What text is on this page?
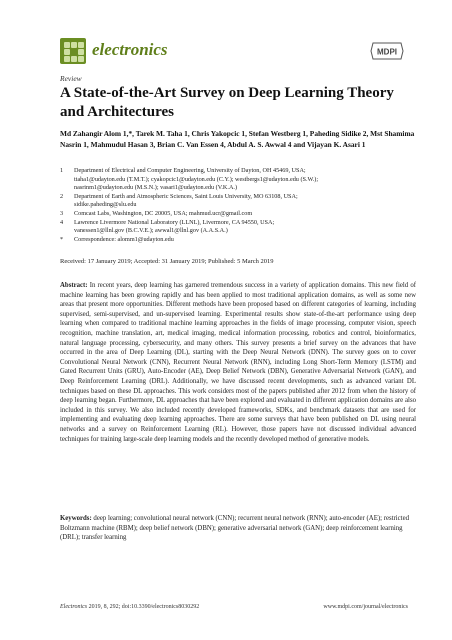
electronics	MDPI
Review
A State-of-the-Art Survey on Deep Learning Theory and Architectures
Md Zahangir Alom 1,*, Tarek M. Taha 1, Chris Yakopcic 1, Stefan Westberg 1, Paheding Sidike 2, Mst Shamima Nasrin 1, Mahmudul Hasan 3, Brian C. Van Essen 4, Abdul A. S. Awwal 4 and Vijayan K. Asari 1
1	Department of Electrical and Computer Engineering, University of Dayton, OH 45469, USA;
ttaha1@udayton.edu (T.M.T.); cyakopcic1@udayton.edu (C.Y.); westbergs1@udayton.edu (S.W.);
nasrinm1@udayton.edu (M.S.N.); vasari1@udayton.edu (V.K.A.)
2	Department of Earth and Atmospheric Sciences, Saint Louis University, MO 63108, USA;
sidike.paheding@slu.edu
3	Comcast Labs, Washington, DC 20005, USA; mahmud.ucr@gmail.com
4	Lawrence Livermore National Laboratory (LLNL), Livermore, CA 94550, USA;
vanessen1@llnl.gov (B.C.V.E.); awwal1@llnl.gov (A.A.S.A.)
*	Correspondence: alomm1@udayton.edu
Received: 17 January 2019; Accepted: 31 January 2019; Published: 5 March 2019
Abstract: In recent years, deep learning has garnered tremendous success in a variety of application domains. This new field of machine learning has been growing rapidly and has been applied to most traditional application domains, as well as some new areas that present more opportunities. Different methods have been proposed based on different categories of learning, including supervised, semi-supervised, and un-supervised learning. Experimental results show state-of-the-art performance using deep learning when compared to traditional machine learning approaches in the fields of image processing, computer vision, speech recognition, machine translation, art, medical imaging, medical information processing, robotics and control, bioinformatics, natural language processing, cybersecurity, and many others. This survey presents a brief survey on the advances that have occurred in the area of Deep Learning (DL), starting with the Deep Neural Network (DNN). The survey goes on to cover Convolutional Neural Network (CNN), Recurrent Neural Network (RNN), including Long Short-Term Memory (LSTM) and Gated Recurrent Units (GRU), Auto-Encoder (AE), Deep Belief Network (DBN), Generative Adversarial Network (GAN), and Deep Reinforcement Learning (DRL). Additionally, we have discussed recent developments, such as advanced variant DL techniques based on these DL approaches. This work considers most of the papers published after 2012 from when the history of deep learning began. Furthermore, DL approaches that have been explored and evaluated in different application domains are also included in this survey. We also included recently developed frameworks, SDKs, and benchmark datasets that are used for implementing and evaluating deep learning approaches. There are some surveys that have been published on DL using neural networks and a survey on Reinforcement Learning (RL). However, those papers have not discussed individual advanced techniques for training large-scale deep learning models and the recently developed method of generative models.
Keywords: deep learning; convolutional neural network (CNN); recurrent neural network (RNN); auto-encoder (AE); restricted Boltzmann machine (RBM); deep belief network (DBN); generative adversarial network (GAN); deep reinforcement learning (DRL); transfer learning
Electronics 2019, 8, 292; doi:10.3390/electronics8030292	www.mdpi.com/journal/electronics
